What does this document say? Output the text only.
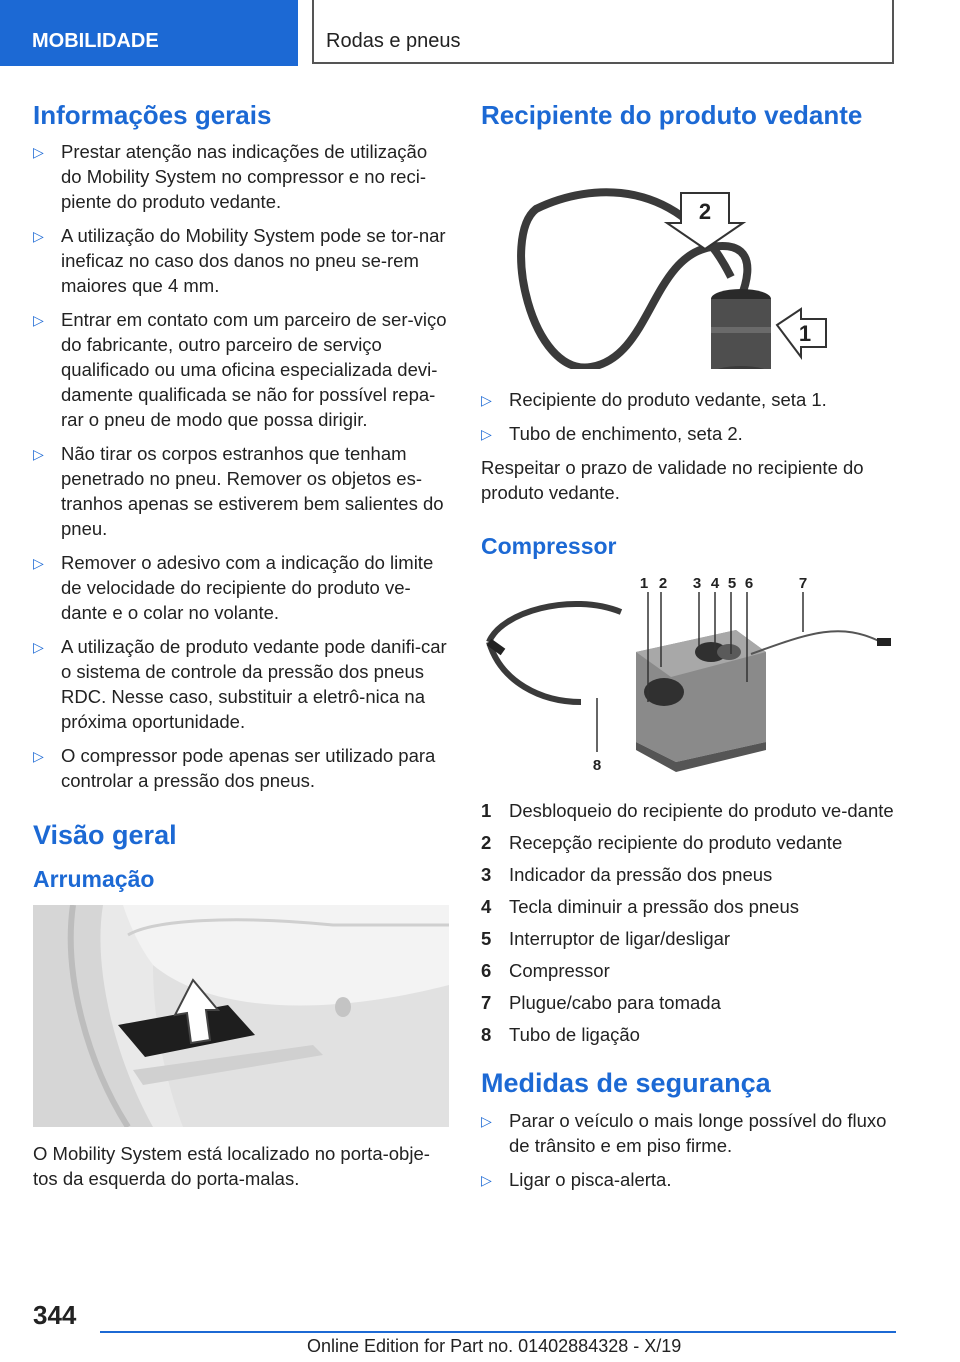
MOBILIDADE	Rodas e pneus
Informações gerais
▷ Prestar atenção nas indicações de utilização do Mobility System no compressor e no reci-piente do produto vedante.
▷ A utilização do Mobility System pode se tor-nar ineficaz no caso dos danos no pneu se-rem maiores que 4 mm.
▷ Entrar em contato com um parceiro de ser-viço do fabricante, outro parceiro de serviço qualificado ou uma oficina especializada devi-damente qualificada se não for possível repa-rar o pneu de modo que possa dirigir.
▷ Não tirar os corpos estranhos que tenham penetrado no pneu. Remover os objetos es-tranhos apenas se estiverem bem salientes do pneu.
▷ Remover o adesivo com a indicação do limite de velocidade do recipiente do produto ve-dante e o colar no volante.
▷ A utilização de produto vedante pode danifi-car o sistema de controle da pressão dos pneus RDC. Nesse caso, substituir a eletrô-nica na próxima oportunidade.
▷ O compressor pode apenas ser utilizado para controlar a pressão dos pneus.
Visão geral
Arrumação

O Mobility System está localizado no porta-obje-tos da esquerda do porta-malas.

Recipiente do produto vedante
2
1
▷ Recipiente do produto vedante, seta 1.
▷ Tubo de enchimento, seta 2.

Respeitar o prazo de validade no recipiente do produto vedante.

Compressor
1 2 3 4 5 6	7
8
1 Desbloqueio do recipiente do produto ve-dante
2 Recepção recipiente do produto vedante
3 Indicador da pressão dos pneus
4 Tecla diminuir a pressão dos pneus
5 Interruptor de ligar/desligar
6 Compressor
7 Plugue/cabo para tomada
8 Tubo de ligação
Medidas de segurança
▷ Parar o veículo o mais longe possível do fluxo de trânsito e em piso firme.
▷ Ligar o pisca-alerta.
344
Online Edition for Part no. 01402884328 - X/19
